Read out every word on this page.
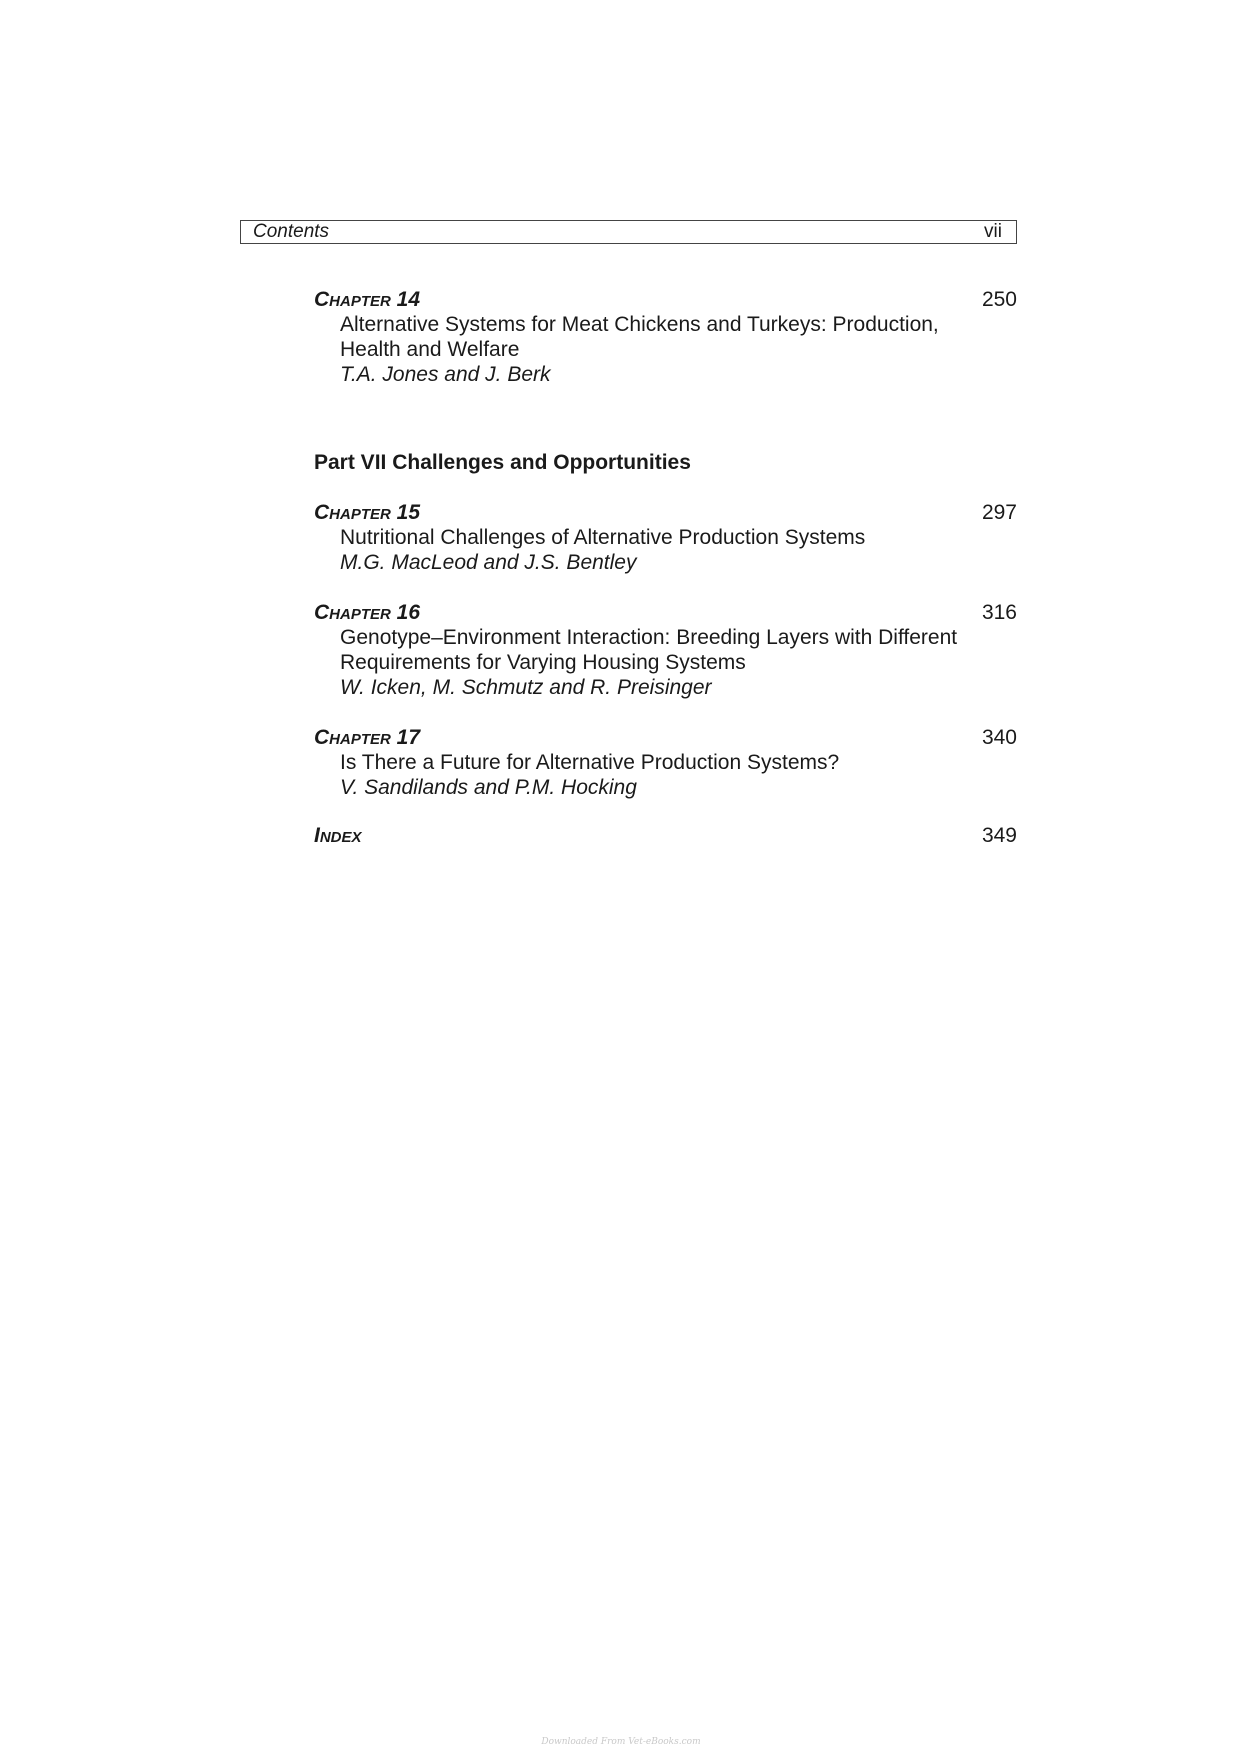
Contents	vii
Chapter 14	250
Alternative Systems for Meat Chickens and Turkeys: Production, Health and Welfare
T.A. Jones and J. Berk
Part VII Challenges and Opportunities
Chapter 15	297
Nutritional Challenges of Alternative Production Systems
M.G. MacLeod and J.S. Bentley
Chapter 16	316
Genotype–Environment Interaction: Breeding Layers with Different Requirements for Varying Housing Systems
W. Icken, M. Schmutz and R. Preisinger
Chapter 17	340
Is There a Future for Alternative Production Systems?
V. Sandilands and P.M. Hocking
Index	349
Downloaded From Vet-eBooks.com
